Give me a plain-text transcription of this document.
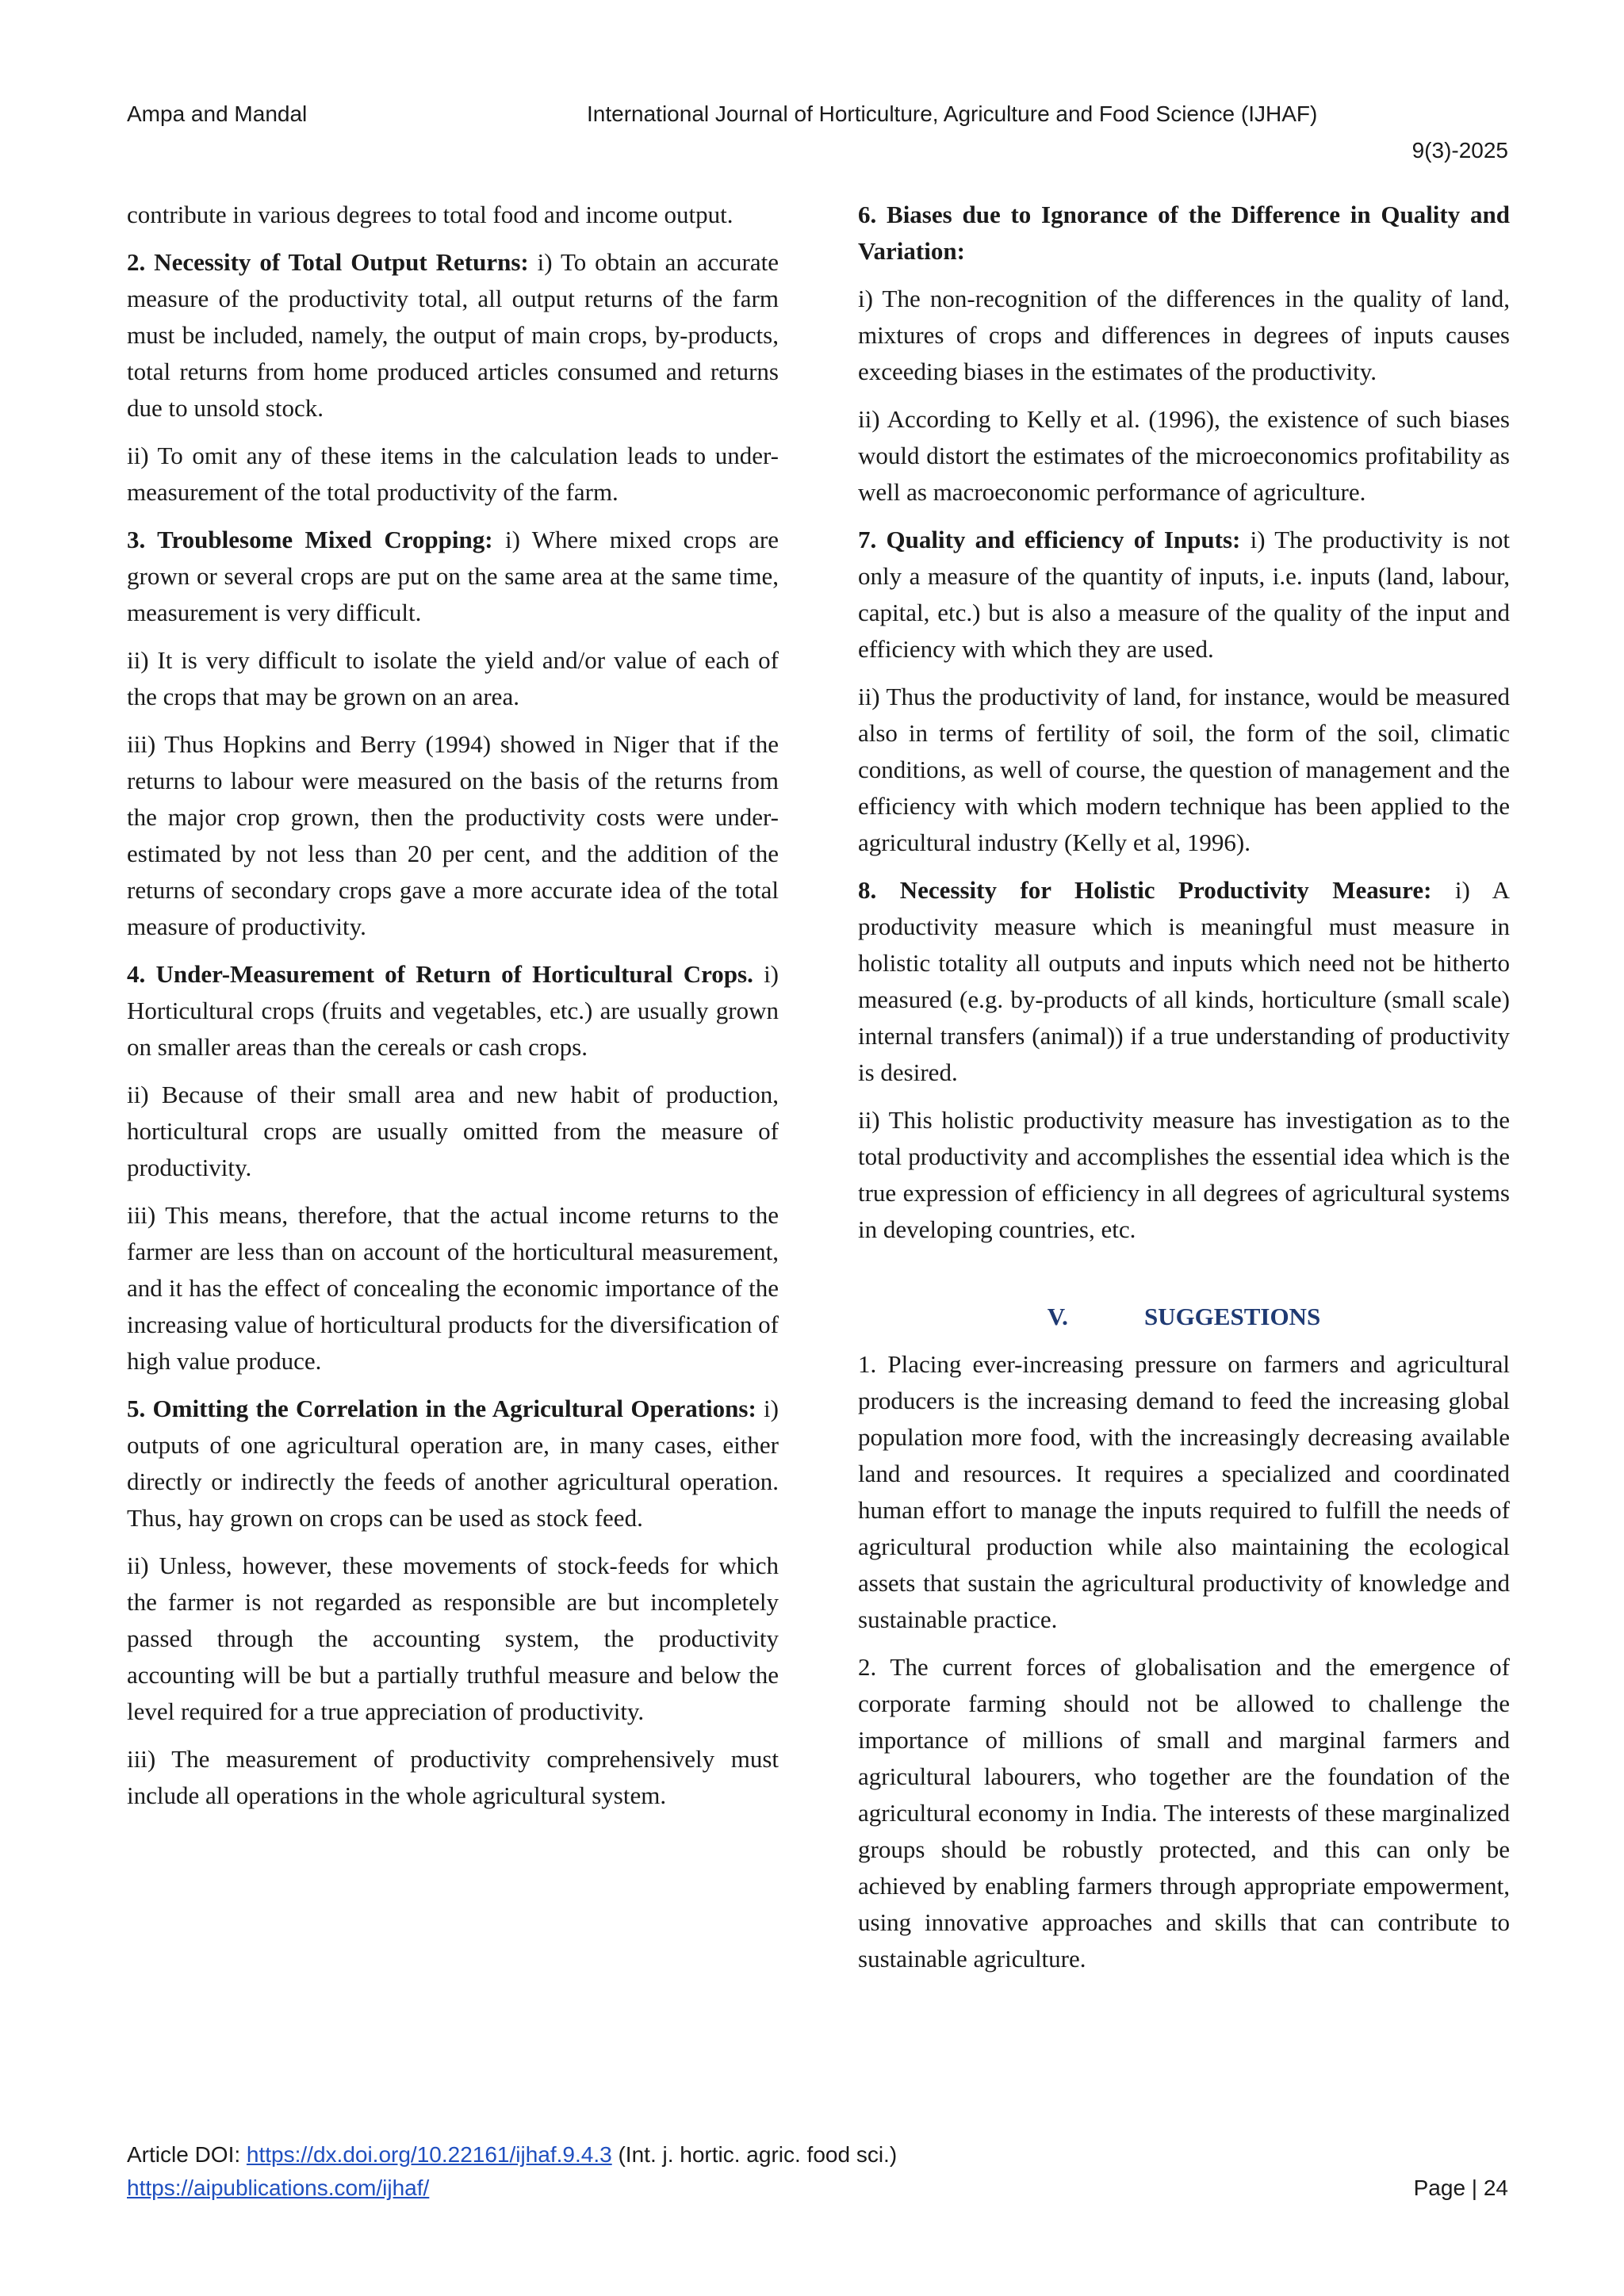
Ampa and Mandal	International Journal of Horticulture, Agriculture and Food Science (IJHAF)
9(3)-2025

contribute in various degrees to total food and income output.

2. Necessity of Total Output Returns: i) To obtain an accurate measure of the productivity total, all output returns of the farm must be included, namely, the output of main crops, by-products, total returns from home produced articles consumed and returns due to unsold stock.

ii) To omit any of these items in the calculation leads to under-measurement of the total productivity of the farm.

3. Troublesome Mixed Cropping: i) Where mixed crops are grown or several crops are put on the same area at the same time, measurement is very difficult.

ii) It is very difficult to isolate the yield and/or value of each of the crops that may be grown on an area.

iii) Thus Hopkins and Berry (1994) showed in Niger that if the returns to labour were measured on the basis of the returns from the major crop grown, then the productivity costs were under-estimated by not less than 20 per cent, and the addition of the returns of secondary crops gave a more accurate idea of the total measure of productivity.

4. Under-Measurement of Return of Horticultural Crops. i) Horticultural crops (fruits and vegetables, etc.) are usually grown on smaller areas than the cereals or cash crops.

ii) Because of their small area and new habit of production, horticultural crops are usually omitted from the measure of productivity.

iii) This means, therefore, that the actual income returns to the farmer are less than on account of the horticultural measurement, and it has the effect of concealing the economic importance of the increasing value of horticultural products for the diversification of high value produce.

5. Omitting the Correlation in the Agricultural Operations: i) outputs of one agricultural operation are, in many cases, either directly or indirectly the feeds of another agricultural operation. Thus, hay grown on crops can be used as stock feed.

ii) Unless, however, these movements of stock-feeds for which the farmer is not regarded as responsible are but incompletely passed through the accounting system, the productivity accounting will be but a partially truthful measure and below the level required for a true appreciation of productivity.

iii) The measurement of productivity comprehensively must include all operations in the whole agricultural system.

6. Biases due to Ignorance of the Difference in Quality and Variation:

i) The non-recognition of the differences in the quality of land, mixtures of crops and differences in degrees of inputs causes exceeding biases in the estimates of the productivity.

ii) According to Kelly et al. (1996), the existence of such biases would distort the estimates of the microeconomics profitability as well as macroeconomic performance of agriculture.

7. Quality and efficiency of Inputs: i) The productivity is not only a measure of the quantity of inputs, i.e. inputs (land, labour, capital, etc.) but is also a measure of the quality of the input and efficiency with which they are used.

ii) Thus the productivity of land, for instance, would be measured also in terms of fertility of soil, the form of the soil, climatic conditions, as well of course, the question of management and the efficiency with which modern technique has been applied to the agricultural industry (Kelly et al, 1996).

8. Necessity for Holistic Productivity Measure: i) A productivity measure which is meaningful must measure in holistic totality all outputs and inputs which need not be hitherto measured (e.g. by-products of all kinds, horticulture (small scale) internal transfers (animal)) if a true understanding of productivity is desired.

ii) This holistic productivity measure has investigation as to the total productivity and accomplishes the essential idea which is the true expression of efficiency in all degrees of agricultural systems in developing countries, etc.

V.	SUGGESTIONS

1. Placing ever-increasing pressure on farmers and agricultural producers is the increasing demand to feed the increasing global population more food, with the increasingly decreasing available land and resources. It requires a specialized and coordinated human effort to manage the inputs required to fulfill the needs of agricultural production while also maintaining the ecological assets that sustain the agricultural productivity of knowledge and sustainable practice.

2. The current forces of globalisation and the emergence of corporate farming should not be allowed to challenge the importance of millions of small and marginal farmers and agricultural labourers, who together are the foundation of the agricultural economy in India. The interests of these marginalized groups should be robustly protected, and this can only be achieved by enabling farmers through appropriate empowerment, using innovative approaches and skills that can contribute to sustainable agriculture.

Article DOI: https://dx.doi.org/10.22161/ijhaf.9.4.3 (Int. j. hortic. agric. food sci.)
https://aipublications.com/ijhaf/	Page | 24
